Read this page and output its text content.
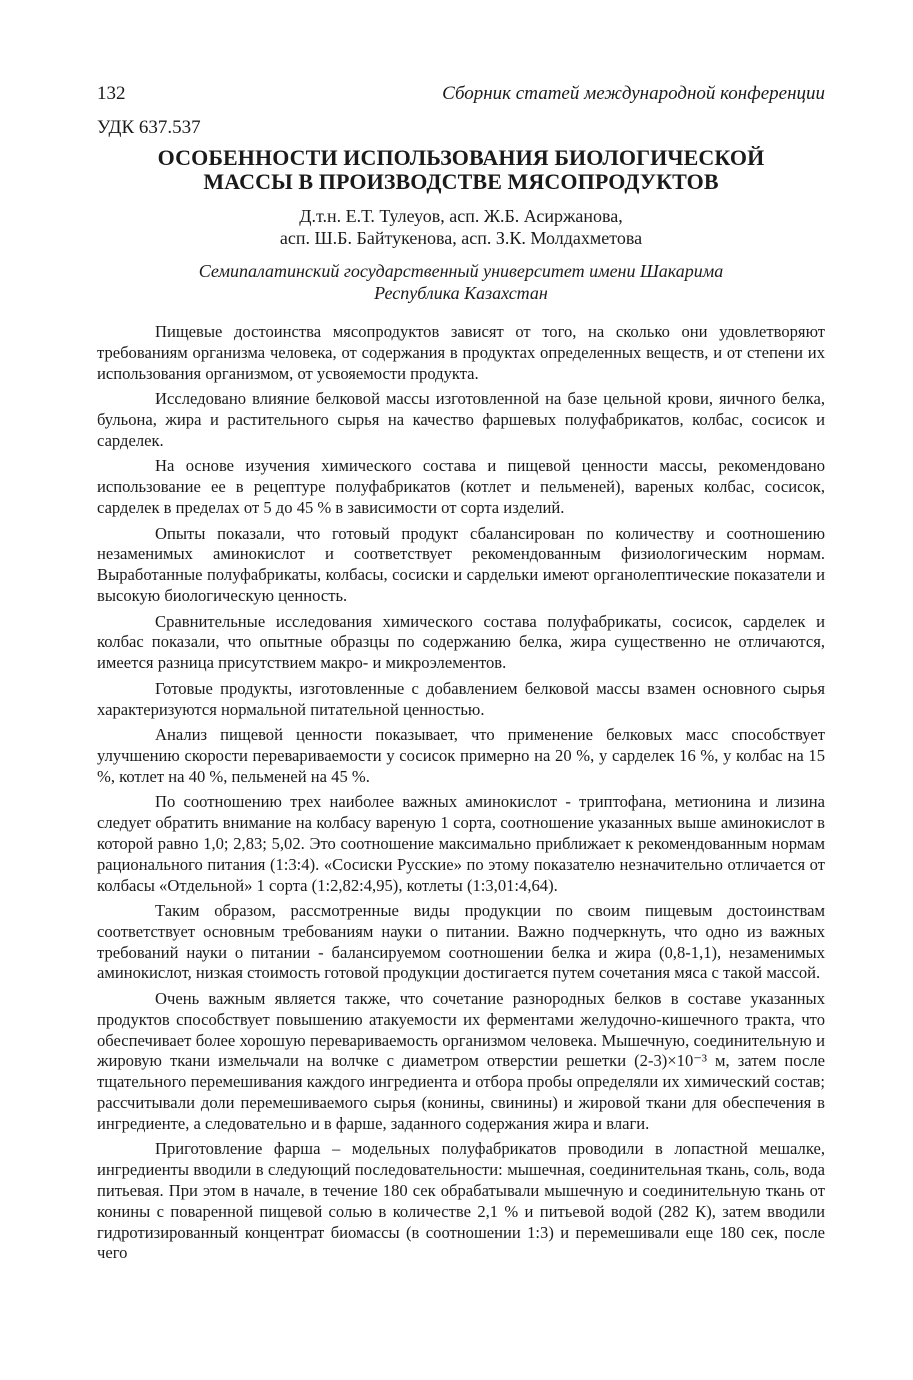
132	Сборник статей международной конференции
УДК 637.537
ОСОБЕННОСТИ ИСПОЛЬЗОВАНИЯ БИОЛОГИЧЕСКОЙ
МАССЫ В ПРОИЗВОДСТВЕ МЯСОПРОДУКТОВ
Д.т.н. Е.Т. Тулеуов, асп. Ж.Б. Асиржанова,
асп. Ш.Б. Байтукенова, асп. З.К. Молдахметова
Семипалатинский государственный университет имени Шакарима
Республика Казахстан

Пищевые достоинства мясопродуктов зависят от того, на сколько они удовлетворяют требованиям организма человека, от содержания в продуктах определенных веществ, и от степени их использования организмом, от усвояемости продукта.

Исследовано влияние белковой массы изготовленной на базе цельной крови, яичного белка, бульона, жира и растительного сырья на качество фаршевых полуфабрикатов, колбас, сосисок и сарделек.

На основе изучения химического состава и пищевой ценности массы, рекомендовано использование ее в рецептуре полуфабрикатов (котлет и пельменей), вареных колбас, сосисок, сарделек в пределах от 5 до 45 % в зависимости от сорта изделий.

Опыты показали, что готовый продукт сбалансирован по количеству и соотношению незаменимых аминокислот и соответствует рекомендованным физиологическим нормам. Выработанные полуфабрикаты, колбасы, сосиски и сардельки имеют органолептические показатели и высокую биологическую ценность.

Сравнительные исследования химического состава полуфабрикаты, сосисок, сарделек и колбас показали, что опытные образцы по содержанию белка, жира существенно не отличаются, имеется разница присутствием макро- и микроэлементов.

Готовые продукты, изготовленные с добавлением белковой массы взамен основного сырья характеризуются нормальной питательной ценностью.

Анализ пищевой ценности показывает, что применение белковых масс способствует улучшению скорости перевариваемости у сосисок примерно на 20 %, у сарделек 16 %, у колбас на 15 %, котлет на 40 %, пельменей на 45 %.

По соотношению трех наиболее важных аминокислот - триптофана, метионина и лизина следует обратить внимание на колбасу вареную 1 сорта, соотношение указанных выше аминокислот в которой равно 1,0; 2,83; 5,02. Это соотношение максимально приближает к рекомендованным нормам рационального питания (1:3:4). «Сосиски Русские» по этому показателю незначительно отличается от колбасы «Отдельной» 1 сорта (1:2,82:4,95), котлеты (1:3,01:4,64).

Таким образом, рассмотренные виды продукции по своим пищевым достоинствам соответствует основным требованиям науки о питании. Важно подчеркнуть, что одно из важных требований науки о питании - балансируемом соотношении белка и жира (0,8-1,1), незаменимых аминокислот, низкая стоимость готовой продукции достигается путем сочетания мяса с такой массой.

Очень важным является также, что сочетание разнородных белков в составе указанных продуктов способствует повышению атакуемости их ферментами желудочно-кишечного тракта, что обеспечивает более хорошую перевариваемость организмом человека. Мышечную, соединительную и жировую ткани измельчали на волчке с диаметром отверстии решетки (2-3)×10⁻³ м, затем после тщательного перемешивания каждого ингредиента и отбора пробы определяли их химический состав; рассчитывали доли перемешиваемого сырья (конины, свинины) и жировой ткани для обеспечения в ингредиенте, а следовательно и в фарше, заданного содержания жира и влаги.

Приготовление фарша – модельных полуфабрикатов проводили в лопастной мешалке, ингредиенты вводили в следующий последовательности: мышечная, соединительная ткань, соль, вода питьевая. При этом в начале, в течение 180 сек обрабатывали мышечную и соединительную ткань от конины с поваренной пищевой солью в количестве 2,1 % и питьевой водой (282 К), затем вводили гидротизированный концентрат биомассы (в соотношении 1:3) и перемешивали еще 180 сек, после чего
